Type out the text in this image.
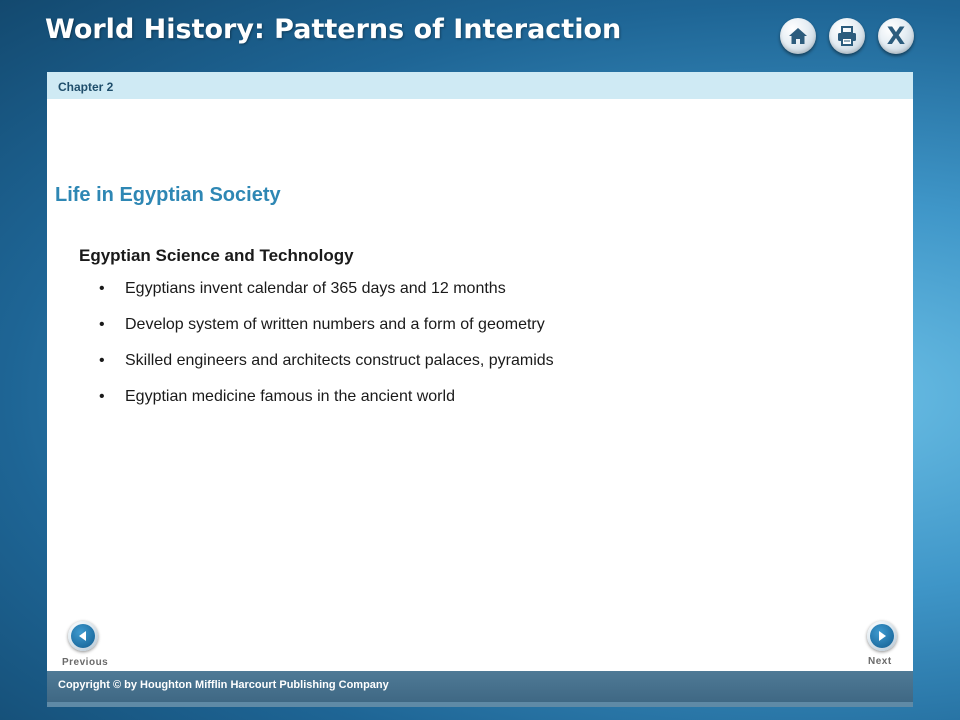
World History: Patterns of Interaction	X
Chapter 2
Life in Egyptian Society
Egyptian Science and Technology
• Egyptians invent calendar of 365 days and 12 months
• Develop system of written numbers and a form of geometry
• Skilled engineers and architects construct palaces, pyramids
• Egyptian medicine famous in the ancient world
Previous	Next
Copyright © by Houghton Mifflin Harcourt Publishing Company
